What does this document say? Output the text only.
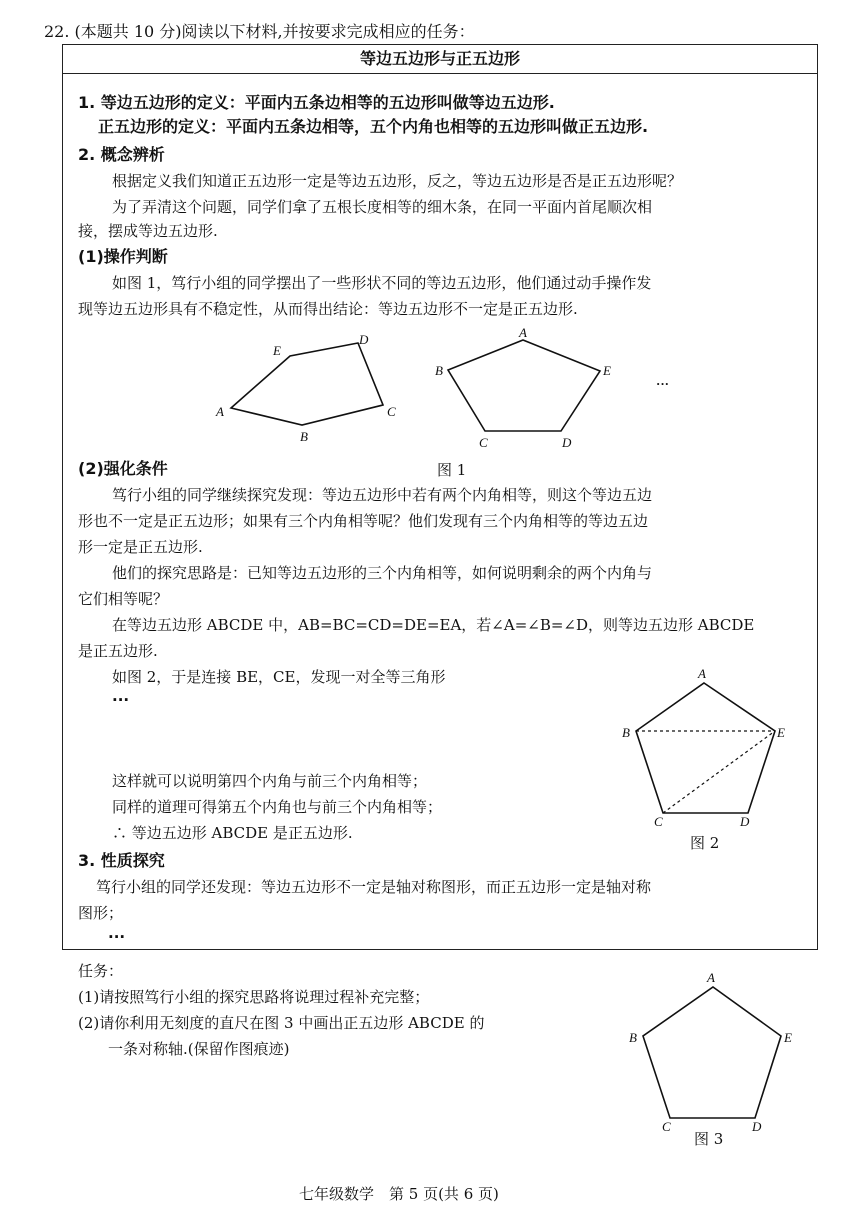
22. (本题共 10 分)阅读以下材料,并按要求完成相应的任务：
等边五边形与正五边形
1. 等边五边形的定义：平面内五条边相等的五边形叫做等边五边形.
正五边形的定义：平面内五条边相等，五个内角也相等的五边形叫做正五边形.
2. 概念辨析
根据定义我们知道正五边形一定是等边五边形，反之，等边五边形是否是正五边形呢？
为了弄清这个问题，同学们拿了五根长度相等的细木条，在同一平面内首尾顺次相
接，摆成等边五边形.
(1)操作判断
如图 1，笃行小组的同学摆出了一些形状不同的等边五边形，他们通过动手操作发
现等边五边形具有不稳定性，从而得出结论：等边五边形不一定是正五边形.
E
D
A	C
B
A
B	E
C	D
···
A
B	E
C	D
A
B	E
C	D
图 1
(2)强化条件
笃行小组的同学继续探究发现：等边五边形中若有两个内角相等，则这个等边五边
形也不一定是正五边形；如果有三个内角相等呢？他们发现有三个内角相等的等边五边
形一定是正五边形.
他们的探究思路是：已知等边五边形的三个内角相等，如何说明剩余的两个内角与
它们相等呢？
在等边五边形 ABCDE 中，AB=BC=CD=DE=EA，若∠A=∠B=∠D，则等边五边形 ABCDE
是正五边形.
如图 2，于是连接 BE，CE，发现一对全等三角形
···
这样就可以说明第四个内角与前三个内角相等；
同样的道理可得第五个内角也与前三个内角相等；
∴ 等边五边形 ABCDE 是正五边形.
图 2
3. 性质探究
笃行小组的同学还发现：等边五边形不一定是轴对称图形，而正五边形一定是轴对称
图形；
···
任务：
(1)请按照笃行小组的探究思路将说理过程补充完整；
(2)请你利用无刻度的直尺在图 3 中画出正五边形 ABCDE 的
一条对称轴.(保留作图痕迹)
图 3
七年级数学　第 5 页(共 6 页)
